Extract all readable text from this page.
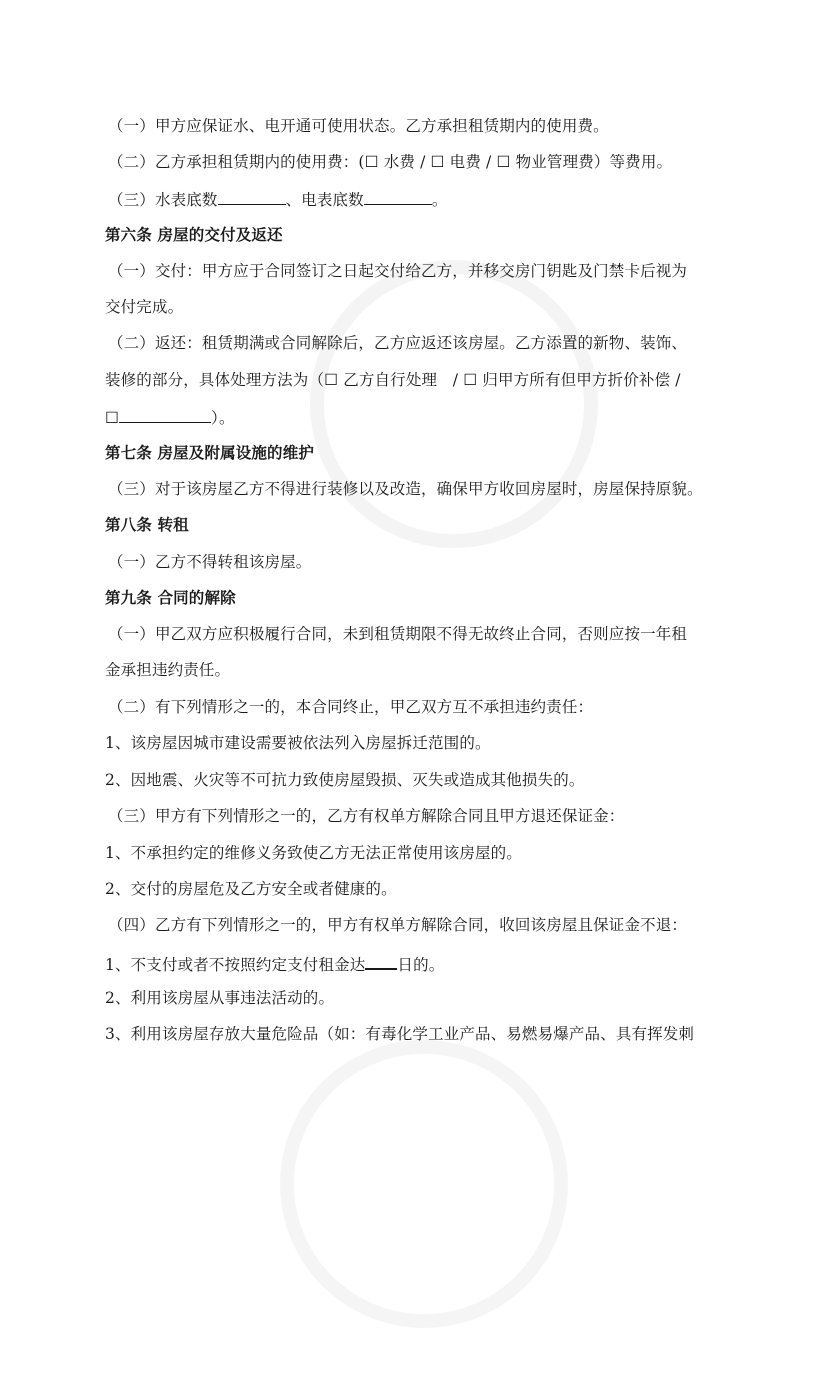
（一）甲方应保证水、电开通可使用状态。乙方承担租赁期内的使用费。
（二）乙方承担租赁期内的使用费：(☐ 水费 / ☐ 电费 / ☐ 物业管理费）等费用。
（三）水表底数	、电表底数	。
第六条 房屋的交付及返还
（一）交付：甲方应于合同签订之日起交付给乙方，并移交房门钥匙及门禁卡后视为
交付完成。
（二）返还：租赁期满或合同解除后，乙方应返还该房屋。乙方添置的新物、装饰、
装修的部分，具体处理方法为（☐ 乙方自行处理　/ ☐ 归甲方所有但甲方折价补偿 /
☐	）。
第七条 房屋及附属设施的维护
（三）对于该房屋乙方不得进行装修以及改造，确保甲方收回房屋时，房屋保持原貌。
第八条 转租
（一）乙方不得转租该房屋。
第九条 合同的解除
（一）甲乙双方应积极履行合同，未到租赁期限不得无故终止合同，否则应按一年租
金承担违约责任。
（二）有下列情形之一的，本合同终止，甲乙双方互不承担违约责任：
1、该房屋因城市建设需要被依法列入房屋拆迁范围的。
2、因地震、火灾等不可抗力致使房屋毁损、灭失或造成其他损失的。
（三）甲方有下列情形之一的，乙方有权单方解除合同且甲方退还保证金：
1、不承担约定的维修义务致使乙方无法正常使用该房屋的。
2、交付的房屋危及乙方安全或者健康的。
（四）乙方有下列情形之一的，甲方有权单方解除合同，收回该房屋且保证金不退：
1、不支付或者不按照约定支付租金达 日的。
2、利用该房屋从事违法活动的。
3、利用该房屋存放大量危险品（如：有毒化学工业产品、易燃易爆产品、具有挥发刺
